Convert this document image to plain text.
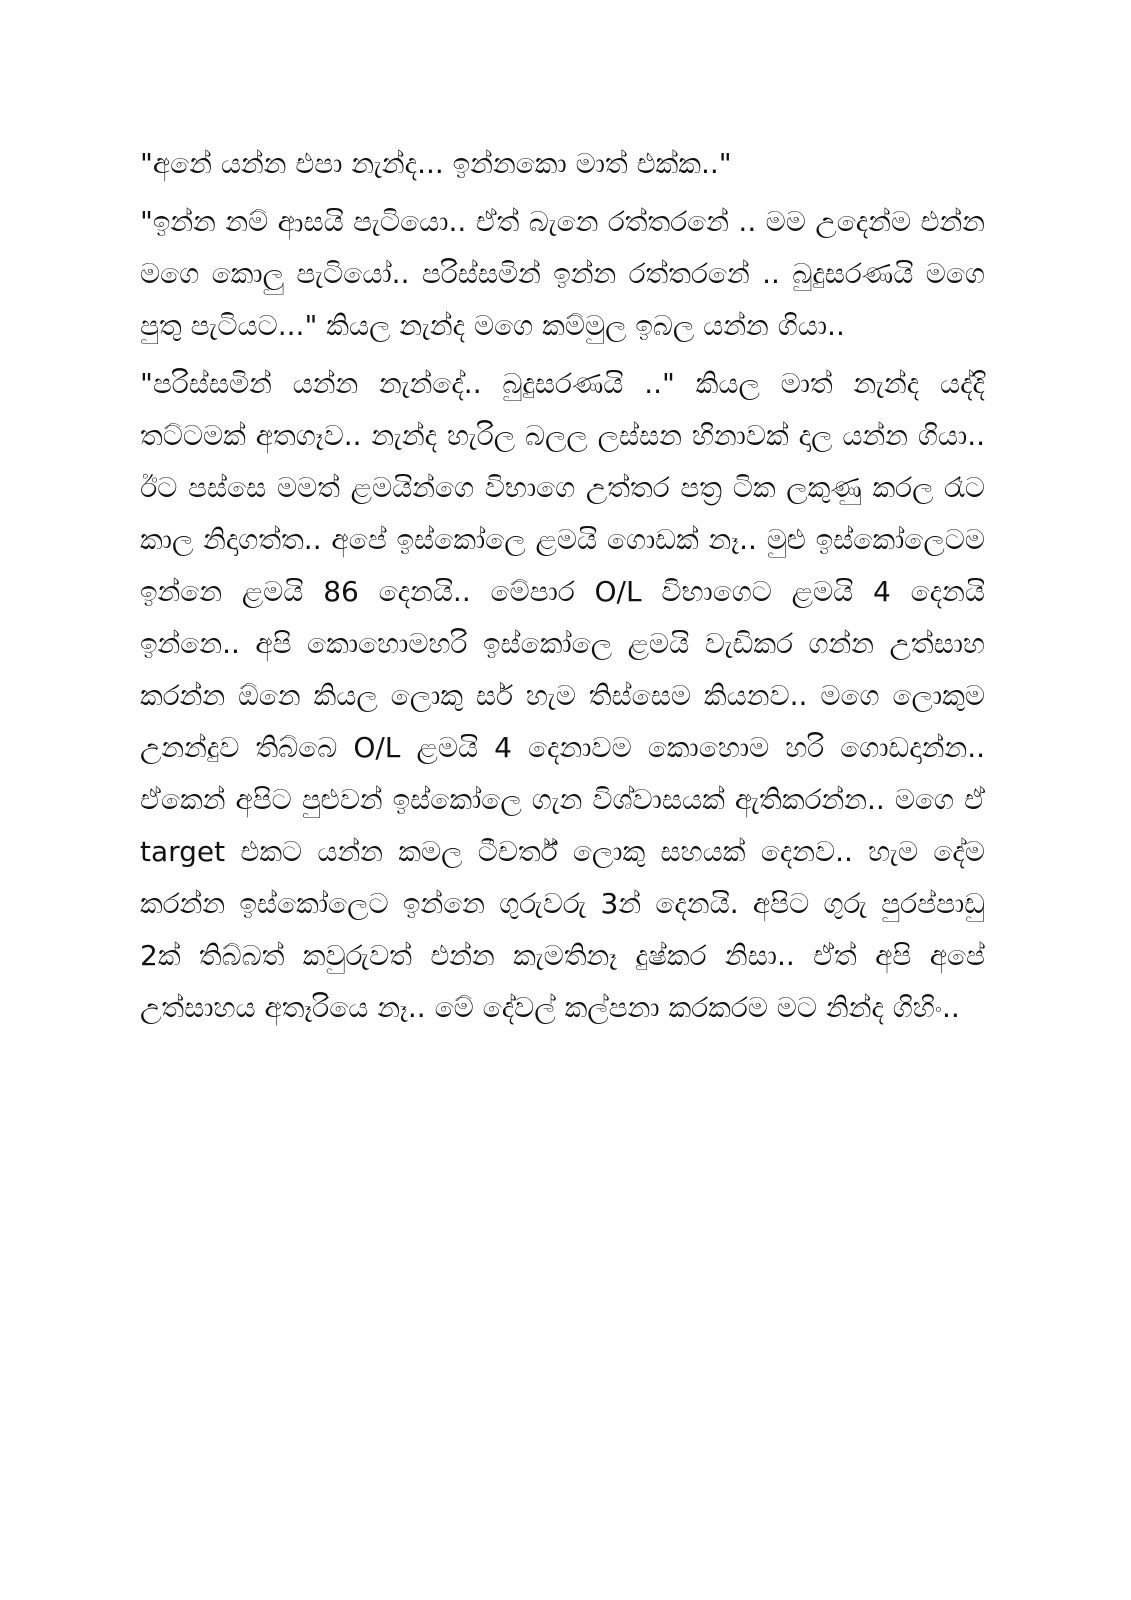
"අනේ යන්න එපා නැන්ද... ඉන්නකො මාත් එක්ක.."

"ඉන්න නම් ආසයි පැටියො.. ඒත් බැනෙ රත්තරනේ .. මම උදෙන්ම එන්න මගෙ කොලු පැටියෝ.. පරිස්සමින් ඉන්න රත්තරනේ .. බුදුසරණයි මගෙ පුතු පැටියට..." කියල නැන්ද මගෙ කම්මුල ඉබල යන්න ගියා..

"පරිස්සමින් යන්න නැන්දේ.. බුදුසරණයි .." කියල මාත් නැන්ද යද්දි තට්ටමක් අතගෑව.. නැන්ද හැරිල බලල ලස්සන හිනාවක් දාල යන්න ගියා.. ඊට පස්සෙ මමත් ළමයින්ගෙ විභාගෙ උත්තර පත්‍ර ටික ලකුණු කරල රෑට කාල නිදාගත්ත.. අපේ ඉස්කෝලෙ ළමයි ගොඩක් නෑ.. මුළු ඉස්කෝලෙටම ඉන්නෙ ළමයි 86 දෙනයි.. මේපාර O/L විභාගෙට ළමයි 4 දෙනයි ඉන්නෙ.. අපි කොහොමහරි ඉස්කෝලෙ ළමයි වැඩිකර ගන්න උත්සාහ කරන්න ඕනෙ කියල ලොකු සර් හැම තිස්සෙම කියනව.. මගෙ ලොකුම උනන්දුව තිබ්බෙ O/L ළමයි 4 දෙනාවම කොහොම හරි ගොඩදාන්න.. ඒකෙන් අපිට පුළුවන් ඉස්කෝලෙ ගැන විශ්වාසයක් ඇතිකරන්න.. මගෙ ඒ target එකට යන්න කමල ටීචර්ත් ලොකු සහයක් දෙනව.. හැම දේම කරන්න ඉස්කෝලෙට ඉන්නෙ ගුරුවරු 3න් දෙනයි. අපිට ගුරු පුරප්පාඩු 2ක් තිබ්බත් කවුරුවත් එන්න කැමතිනෑ දුෂ්කර නිසා.. ඒත් අපි අපේ උත්සාහය අතෑරියෙ නෑ.. මේ දේවල් කල්පනා කරකරම මට නින්ද ගිහිං..
